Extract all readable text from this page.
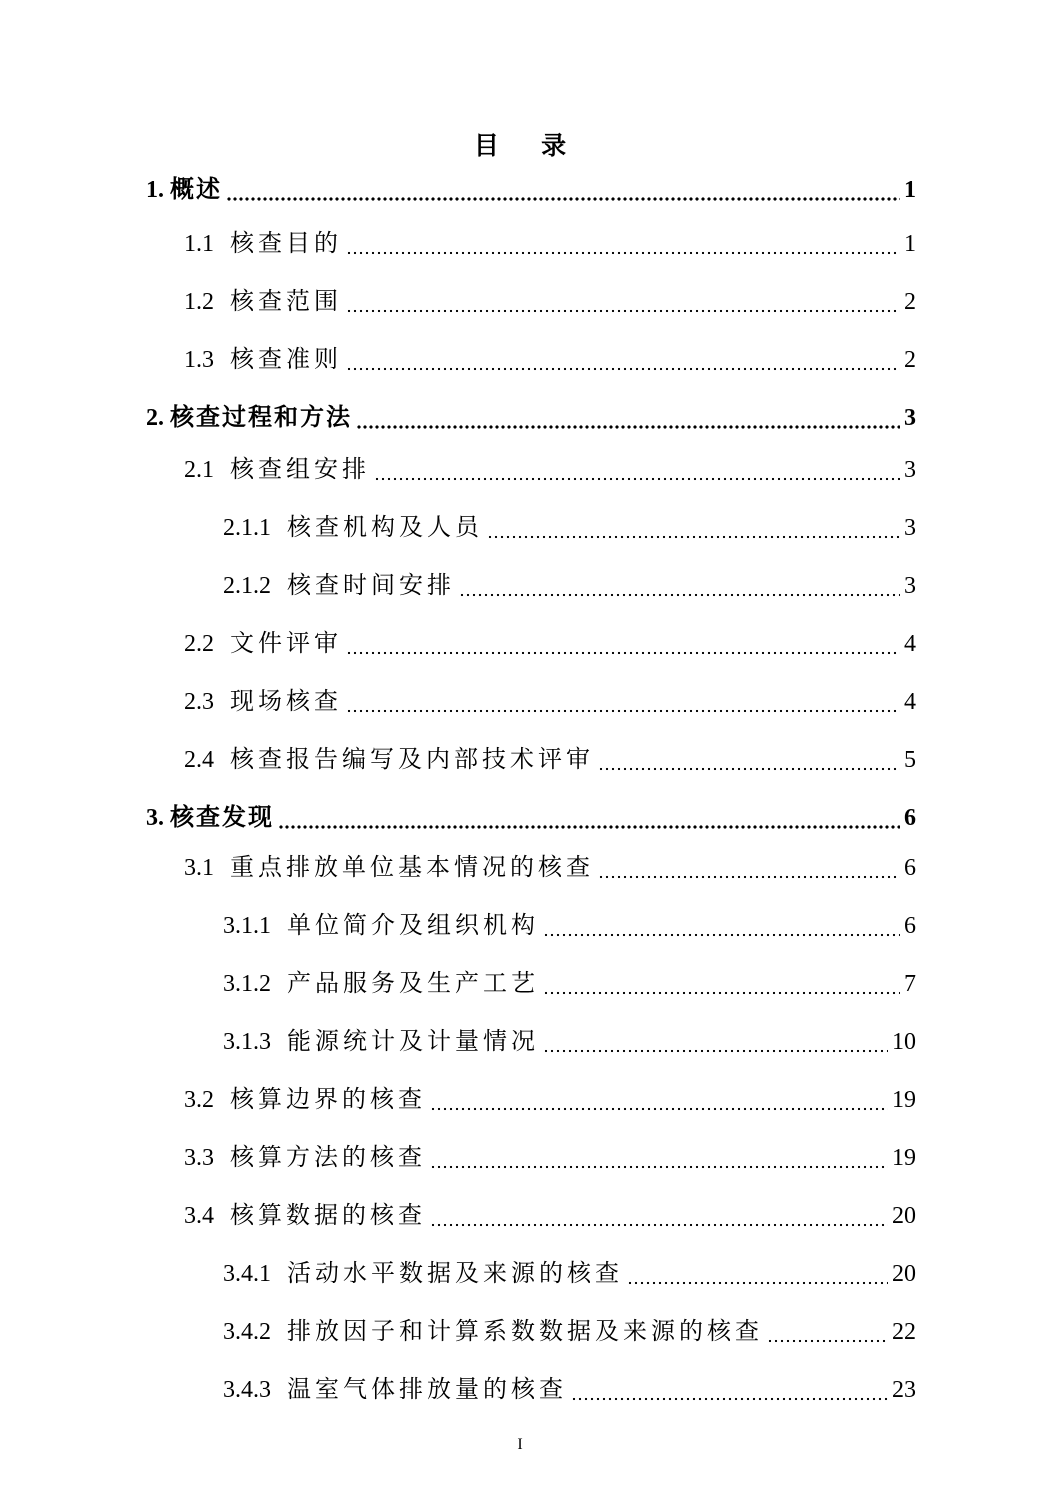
目 录
1. 概述	1
1.1 核查目的	1
1.2 核查范围	2
1.3 核查准则	2
2. 核查过程和方法	3
2.1 核查组安排	3
2.1.1 核查机构及人员	3
2.1.2 核查时间安排	3
2.2 文件评审	4
2.3 现场核查	4
2.4 核查报告编写及内部技术评审	5
3. 核查发现	6
3.1 重点排放单位基本情况的核查	6
3.1.1 单位简介及组织机构	6
3.1.2 产品服务及生产工艺	7
3.1.3 能源统计及计量情况	10
3.2 核算边界的核查	19
3.3 核算方法的核查	19
3.4 核算数据的核查	20
3.4.1 活动水平数据及来源的核查	20
3.4.2 排放因子和计算系数数据及来源的核查	22
3.4.3 温室气体排放量的核查	23
I
